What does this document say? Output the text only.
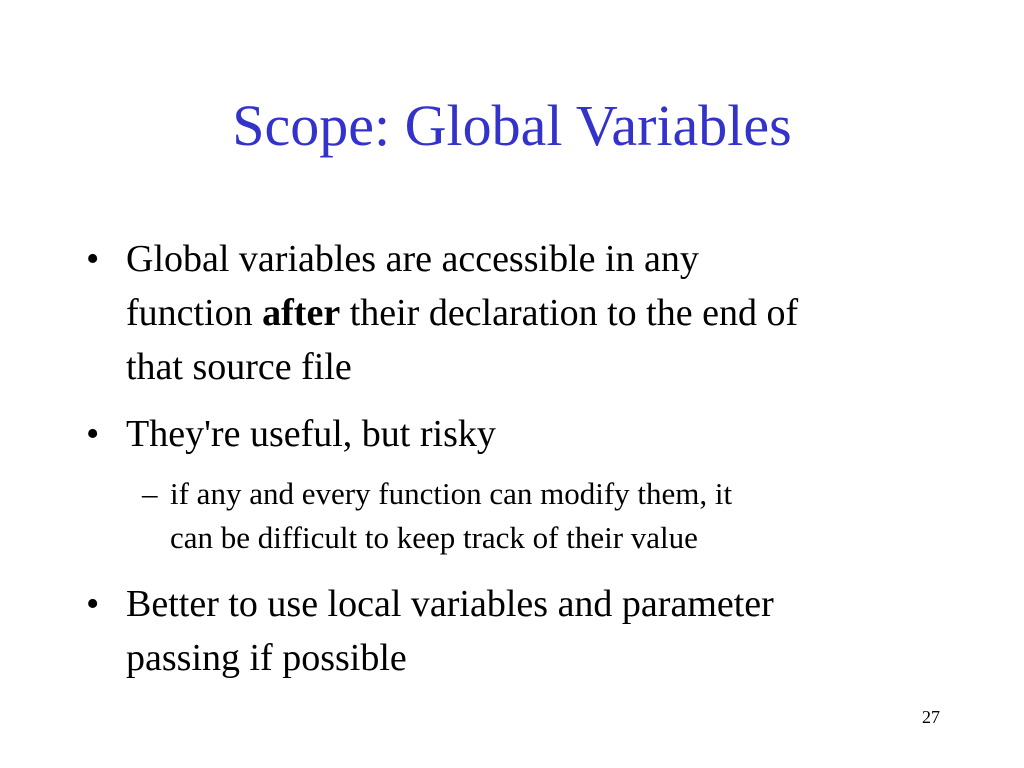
Scope: Global Variables
• Global variables are accessible in any
function after their declaration to the end of
that source file
• They're useful, but risky
– if any and every function can modify them, it
can be difficult to keep track of their value
• Better to use local variables and parameter
passing if possible
27
